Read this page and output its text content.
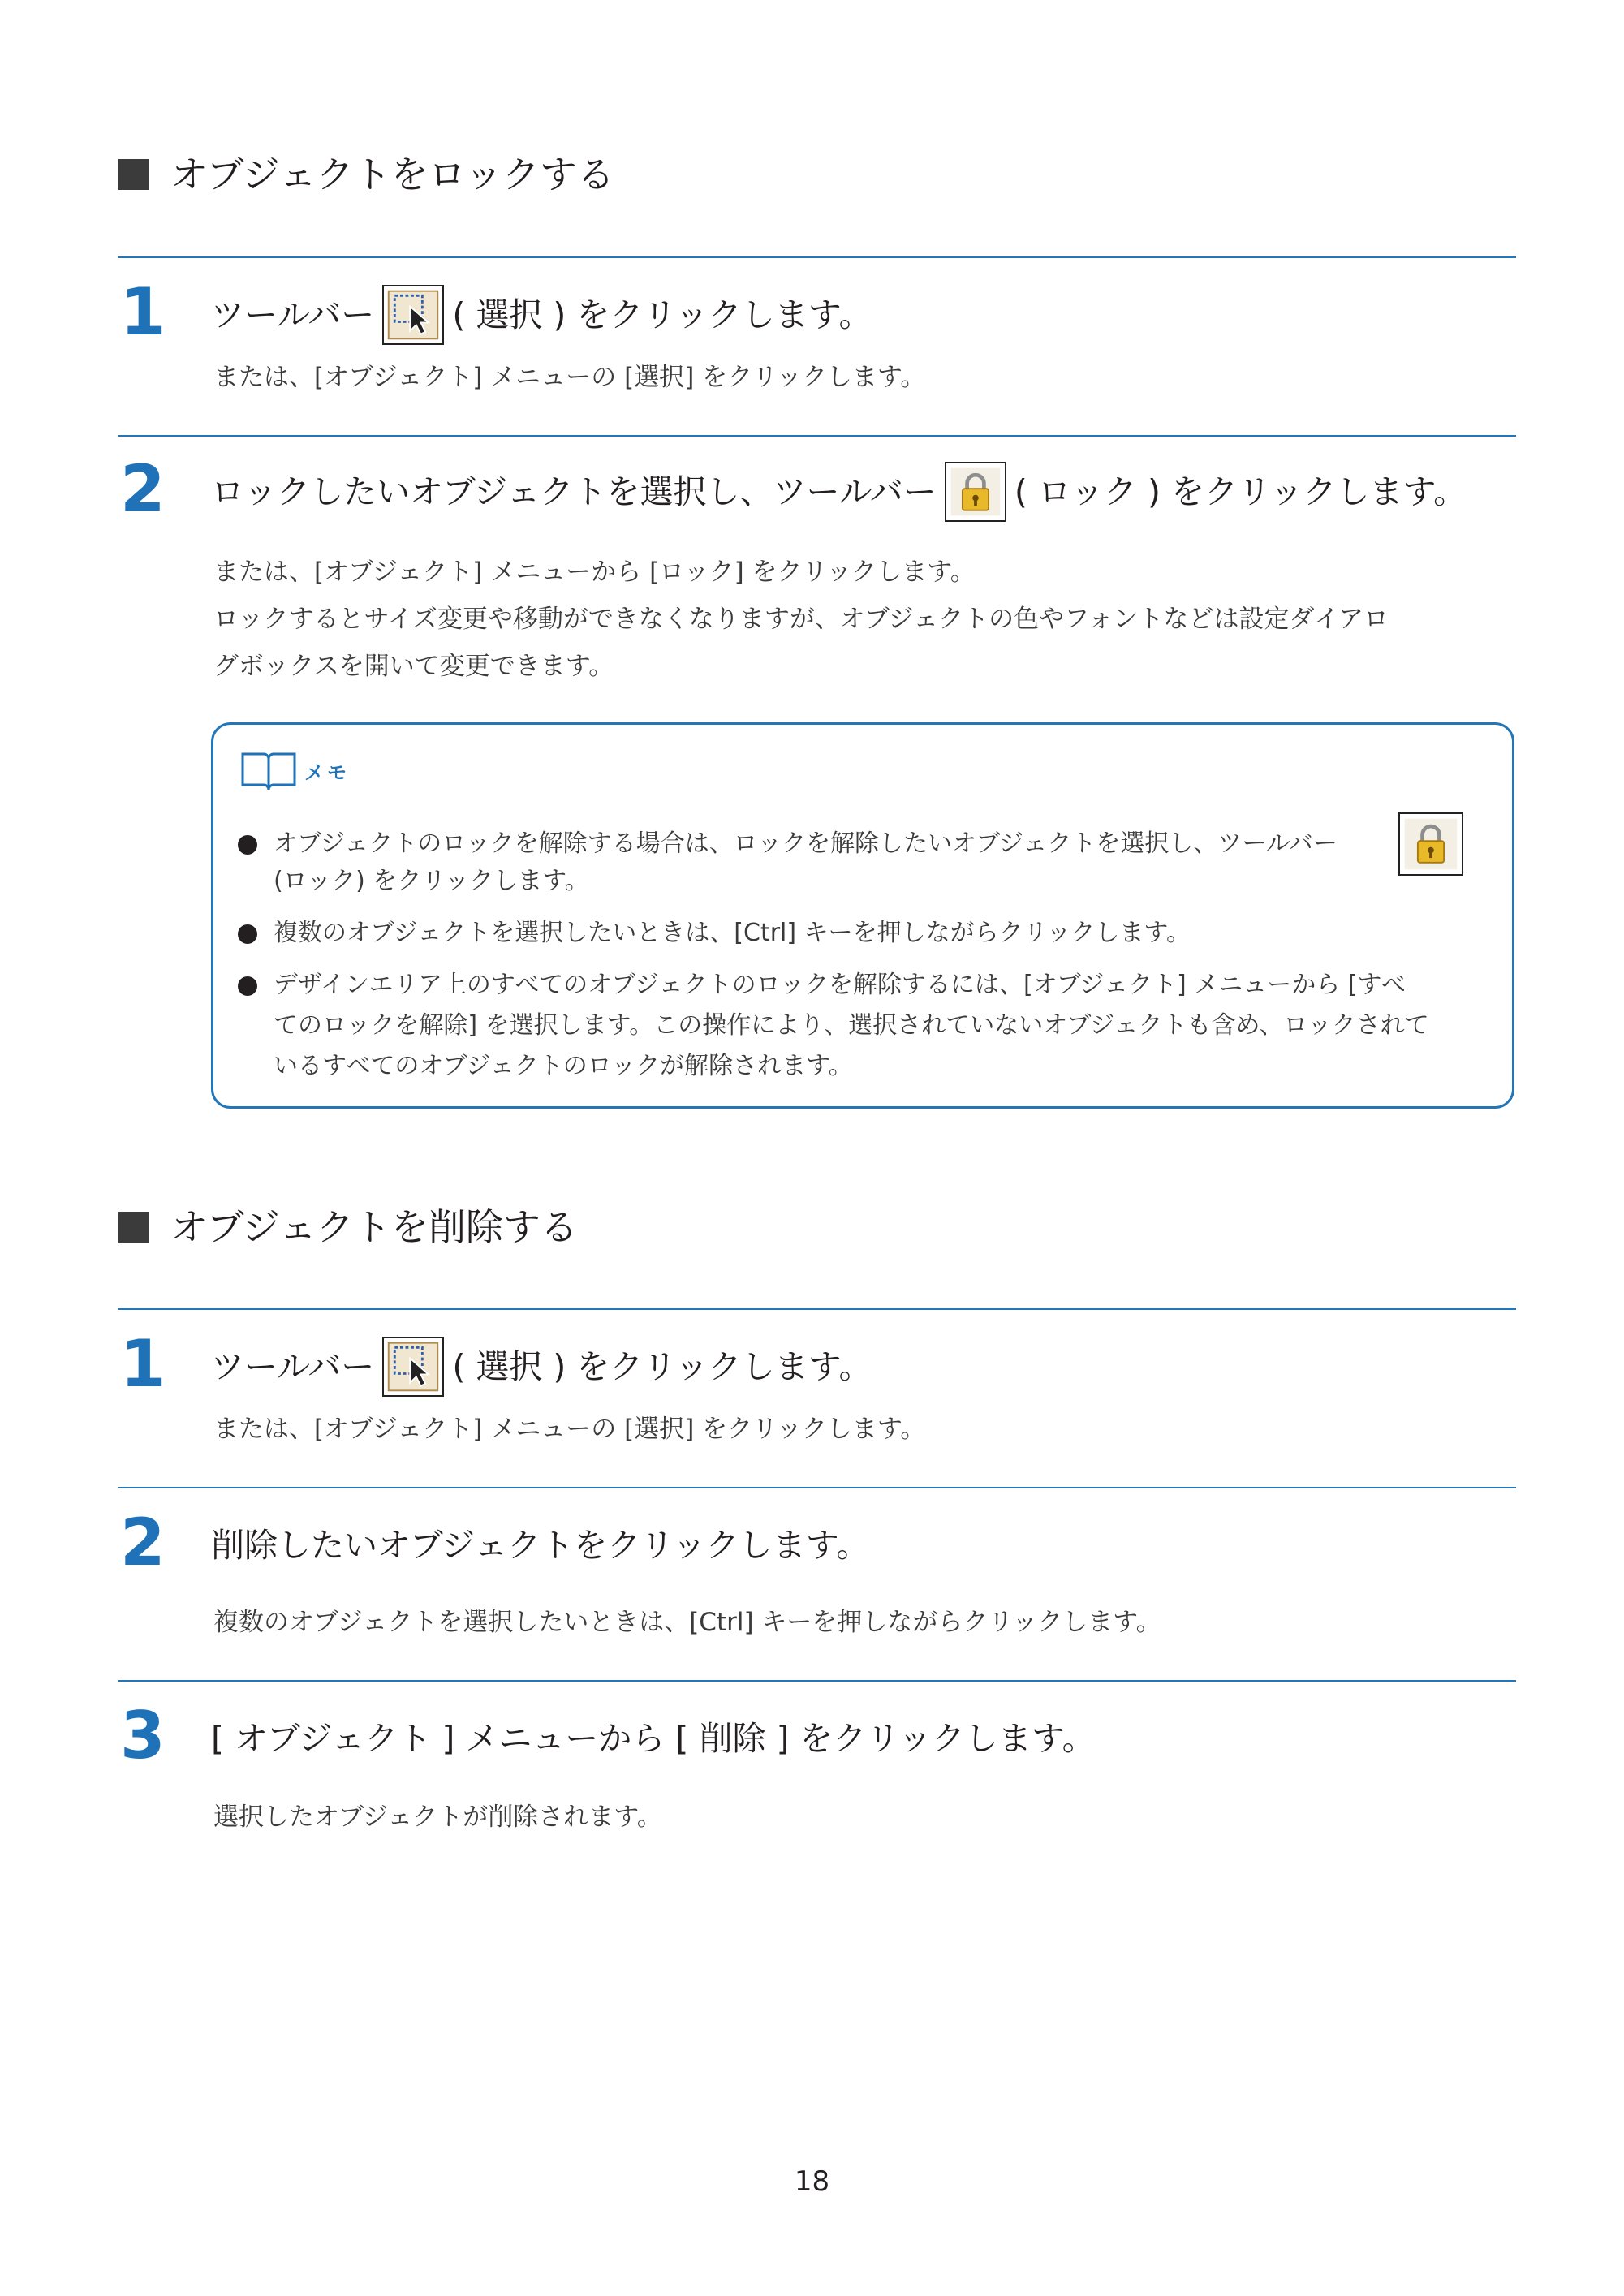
オブジェクトをロックする
1 ツールバー ( 選択 ) をクリックします。
または、[オブジェクト] メニューの [選択] をクリックします。
2 ロックしたいオブジェクトを選択し、ツールバー ( ロック ) をクリックします。
または、[オブジェクト] メニューから [ロック] をクリックします。
ロックするとサイズ変更や移動ができなくなりますが、オブジェクトの色やフォントなどは設定ダイアロ
グボックスを開いて変更できます。
メモ
オブジェクトのロックを解除する場合は、ロックを解除したいオブジェクトを選択し、ツールバー
(ロック) をクリックします。
複数のオブジェクトを選択したいときは、[Ctrl] キーを押しながらクリックします。
デザインエリア上のすべてのオブジェクトのロックを解除するには、[オブジェクト] メニューから [すべ
てのロックを解除] を選択します。この操作により、選択されていないオブジェクトも含め、ロックされて
いるすべてのオブジェクトのロックが解除されます。
オブジェクトを削除する
1 ツールバー ( 選択 ) をクリックします。
または、[オブジェクト] メニューの [選択] をクリックします。
2 削除したいオブジェクトをクリックします。
複数のオブジェクトを選択したいときは、[Ctrl] キーを押しながらクリックします。
3 [ オブジェクト ] メニューから [ 削除 ] をクリックします。
選択したオブジェクトが削除されます。
18
